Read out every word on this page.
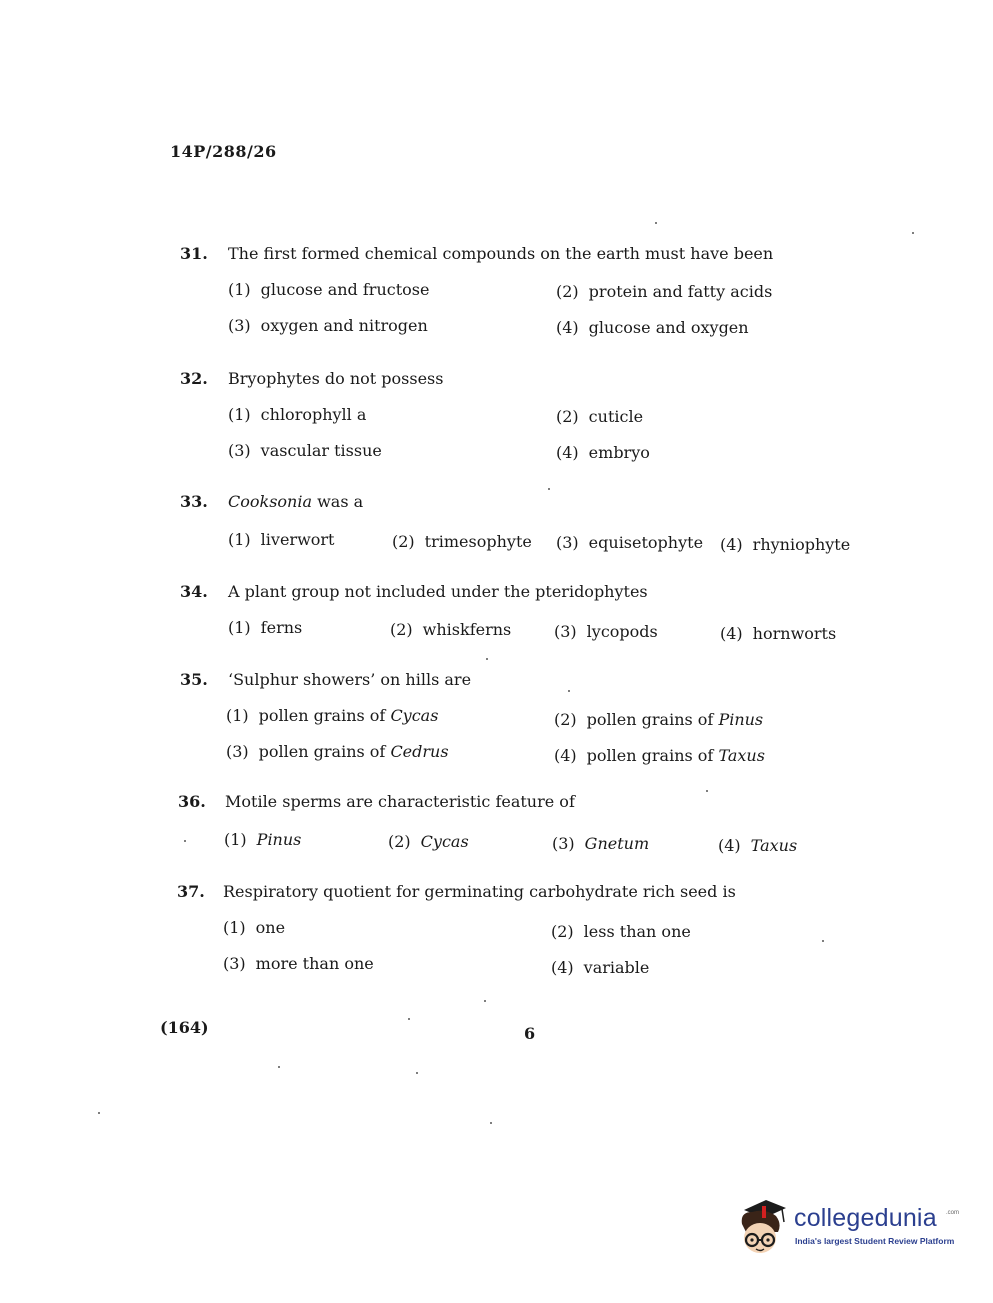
14P/288/26
31. The first formed chemical compounds on the earth must have been
(1) glucose and fructose	(2) protein and fatty acids
(3) oxygen and nitrogen	(4) glucose and oxygen
32. Bryophytes do not possess
(1) chlorophyll a	(2) cuticle
(3) vascular tissue	(4) embryo
33. Cooksonia was a
(1) liverwort	(2) trimesophyte (3) equisetophyte (4) rhyniophyte
34. A plant group not included under the pteridophytes
(1) ferns	(2) whiskferns	(3) lycopods	(4) hornworts
35. ‘Sulphur showers’ on hills are
(1) pollen grains of Cycas	(2) pollen grains of Pinus
(3) pollen grains of Cedrus	(4) pollen grains of Taxus
36. Motile sperms are characteristic feature of
(1) Pinus	(2) Cycas	(3) Gnetum	(4) Taxus
37. Respiratory quotient for germinating carbohydrate rich seed is
(1) one	(2) less than one
(3) more than one	(4) variable
(164)	6
collegedunia .com
India's largest Student Review Platform
